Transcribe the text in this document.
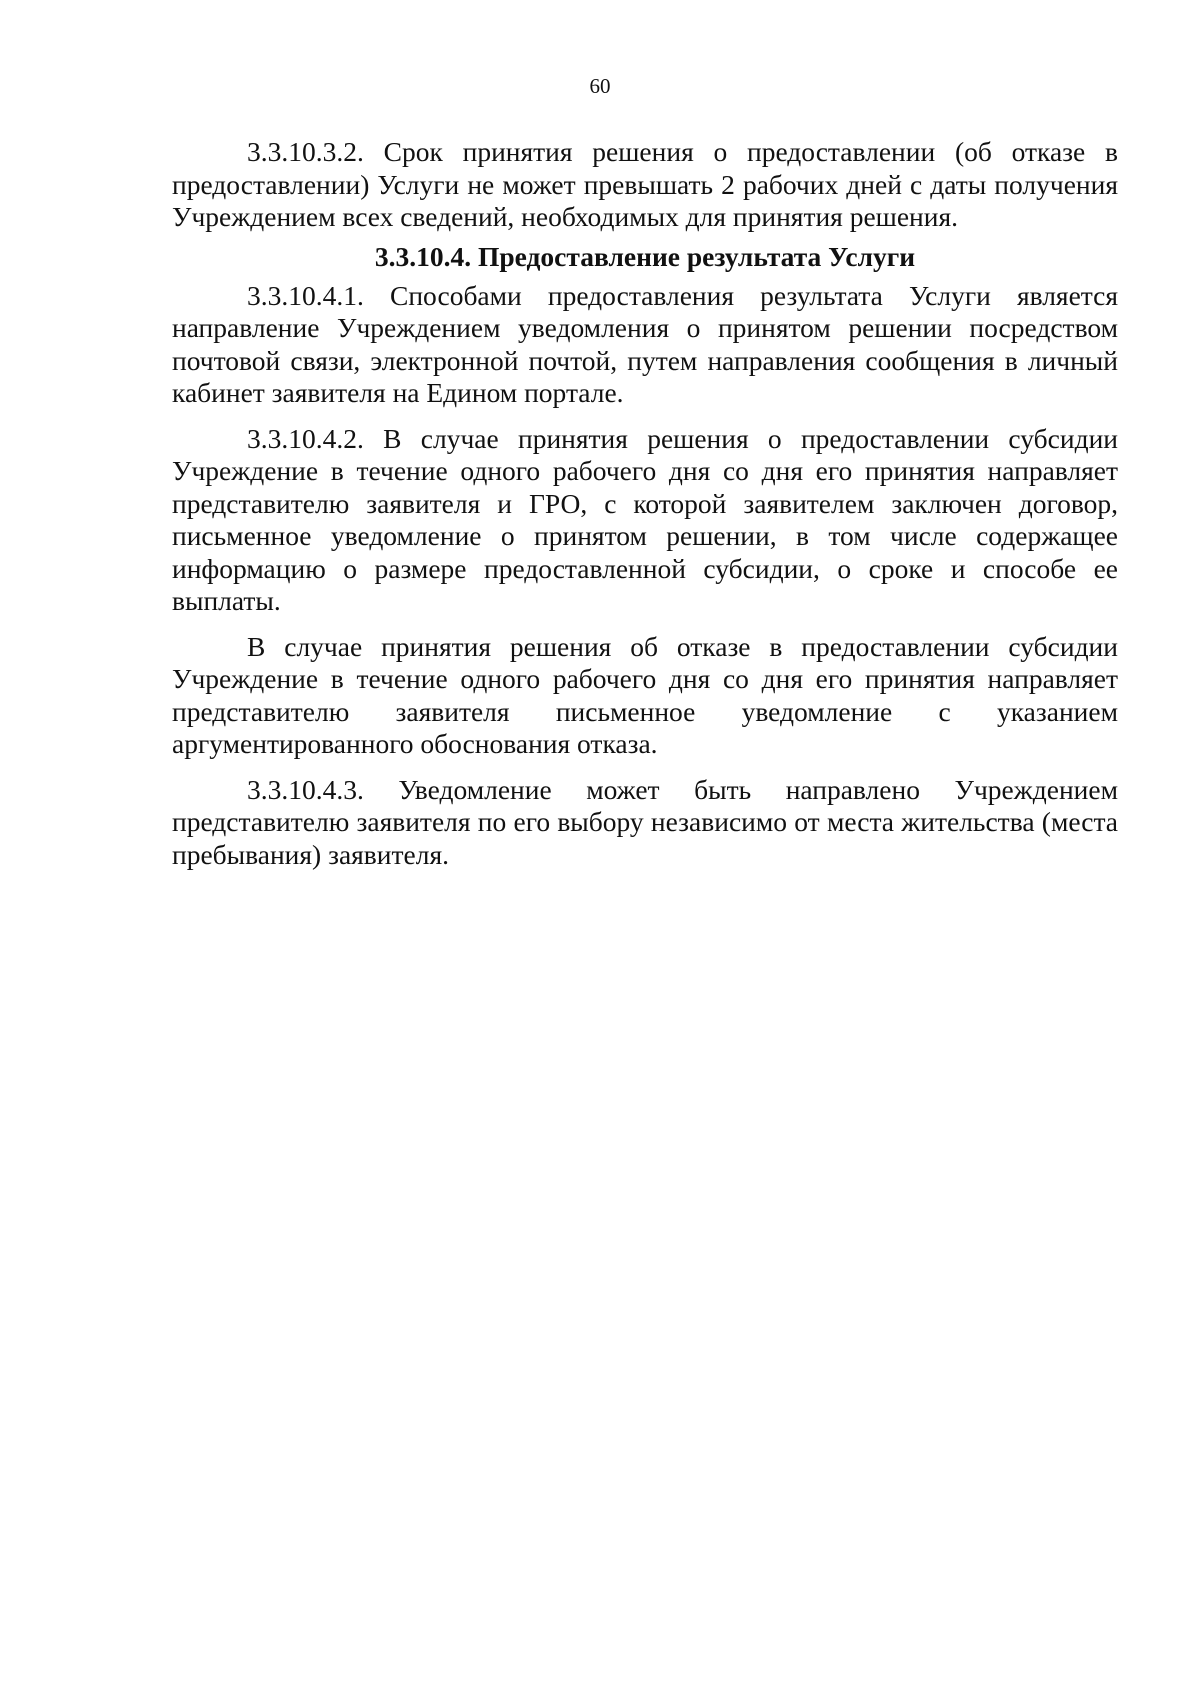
60

3.3.10.3.2. Срок принятия решения о предоставлении (об отказе в предоставлении) Услуги не может превышать 2 рабочих дней с даты получения Учреждением всех сведений, необходимых для принятия решения.

3.3.10.4. Предоставление результата Услуги

3.3.10.4.1. Способами предоставления результата Услуги является направление Учреждением уведомления о принятом решении посредством почтовой связи, электронной почтой, путем направления сообщения в личный кабинет заявителя на Едином портале.

3.3.10.4.2. В случае принятия решения о предоставлении субсидии Учреждение в течение одного рабочего дня со дня его принятия направляет представителю заявителя и ГРО, с которой заявителем заключен договор, письменное уведомление о принятом решении, в том числе содержащее информацию о размере предоставленной субсидии, о сроке и способе ее выплаты.

В случае принятия решения об отказе в предоставлении субсидии Учреждение в течение одного рабочего дня со дня его принятия направляет представителю заявителя письменное уведомление с указанием аргументированного обоснования отказа.

3.3.10.4.3. Уведомление может быть направлено Учреждением представителю заявителя по его выбору независимо от места жительства (места пребывания) заявителя.
